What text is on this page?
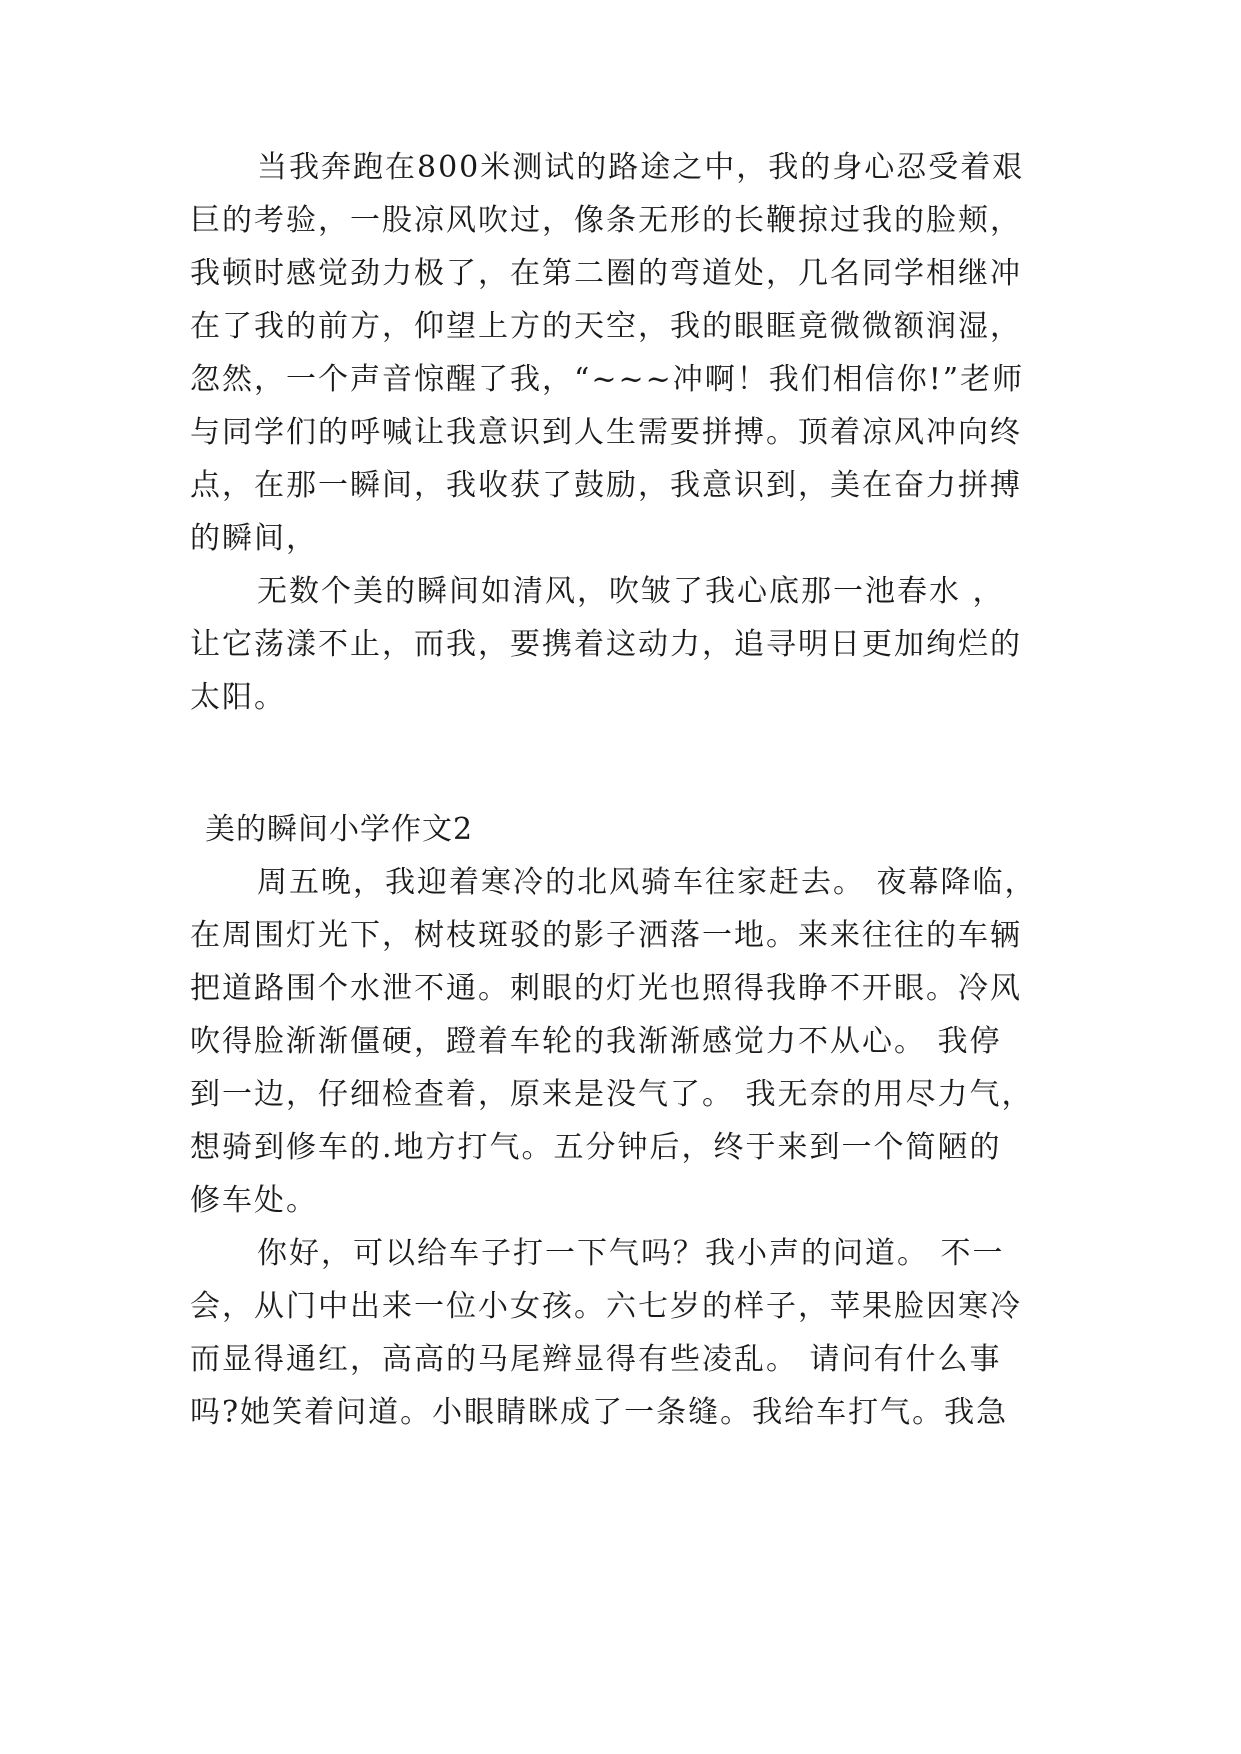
当我奔跑在800米测试的路途之中，我的身心忍受着艰
巨的考验，一股凉风吹过，像条无形的长鞭掠过我的脸颊，
我顿时感觉劲力极了，在第二圈的弯道处，几名同学相继冲
在了我的前方，仰望上方的天空，我的眼眶竟微微额润湿，
忽然，一个声音惊醒了我，“~~~冲啊！我们相信你!”老师
与同学们的呼喊让我意识到人生需要拼搏。顶着凉风冲向终
点，在那一瞬间，我收获了鼓励，我意识到，美在奋力拼搏
的瞬间，
无数个美的瞬间如清风，吹皱了我心底那一池春水 ，
让它荡漾不止，而我，要携着这动力，追寻明日更加绚烂的
太阳。
美的瞬间小学作文2
周五晚，我迎着寒冷的北风骑车往家赶去。 夜幕降临，
在周围灯光下，树枝斑驳的影子洒落一地。来来往往的车辆
把道路围个水泄不通。刺眼的灯光也照得我睁不开眼。冷风
吹得脸渐渐僵硬，蹬着车轮的我渐渐感觉力不从心。 我停
到一边，仔细检查着，原来是没气了。 我无奈的用尽力气，
想骑到修车的.地方打气。五分钟后，终于来到一个简陋的
修车处。
你好，可以给车子打一下气吗？我小声的问道。 不一
会，从门中出来一位小女孩。六七岁的样子，苹果脸因寒冷
而显得通红，高高的马尾辫显得有些凌乱。 请问有什么事
吗?她笑着问道。小眼睛眯成了一条缝。我给车打气。我急
